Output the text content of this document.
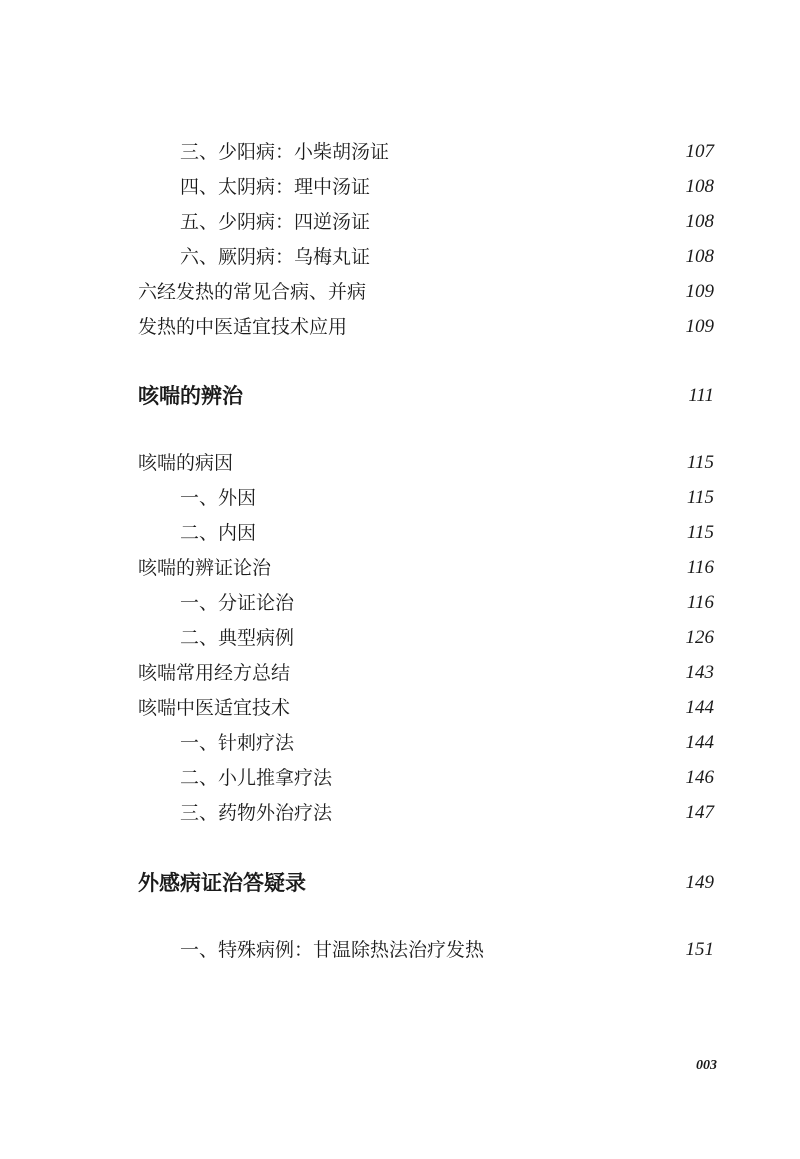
三、少阳病：小柴胡汤证	107
四、太阴病：理中汤证	108
五、少阴病：四逆汤证	108
六、厥阴病：乌梅丸证	108
六经发热的常见合病、并病	109
发热的中医适宜技术应用	109
咳喘的辨治	111
咳喘的病因	115
一、外因	115
二、内因	115
咳喘的辨证论治	116
一、分证论治	116
二、典型病例	126
咳喘常用经方总结	143
咳喘中医适宜技术	144
一、针刺疗法	144
二、小儿推拿疗法	146
三、药物外治疗法	147
外感病证治答疑录	149
一、特殊病例：甘温除热法治疗发热	151
003
